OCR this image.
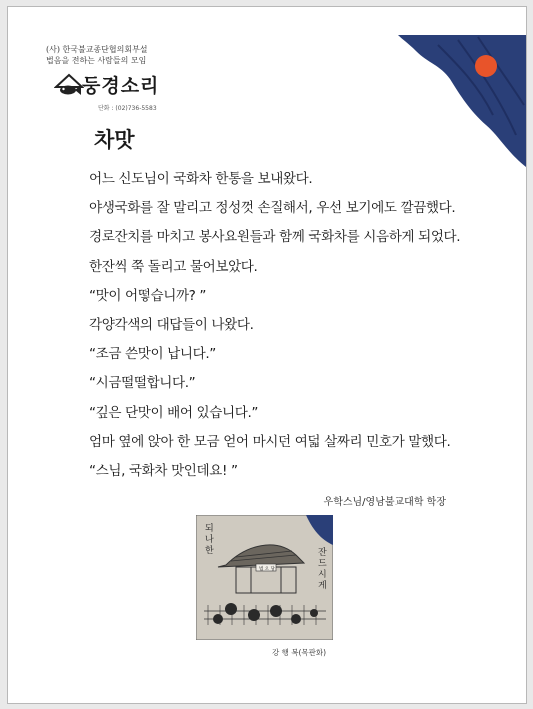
(사) 한국불교종단협의회부설
법음을 전하는 사람들의 모임
둥경소리
단화 : (02)736-5583
차맛

어느 신도님이 국화차 한통을 보내왔다.

야생국화를 잘 말리고 정성껏 손질해서, 우선 보기에도 깔끔했다.

경로잔치를 마치고 봉사요원들과 함께 국화차를 시음하게 되었다.

한잔씩 쭉 돌리고 물어보았다.

“맛이 어떻습니까? ”

각양각색의 대답들이 나왔다.

“조금 쓴맛이 납니다.”

“시금떨떨합니다.”

“깊은 단맛이 배어 있습니다.”

엄마 옆에 앉아 한 모금 얻어 마시던 여덟 살짜리 민호가 말했다.

“스님, 국화차 맛인데요! ”

우학스님/영남불교대학 학장
되 나 한	잔 드 시 게
법 오 당
강 행 복(목판화)
